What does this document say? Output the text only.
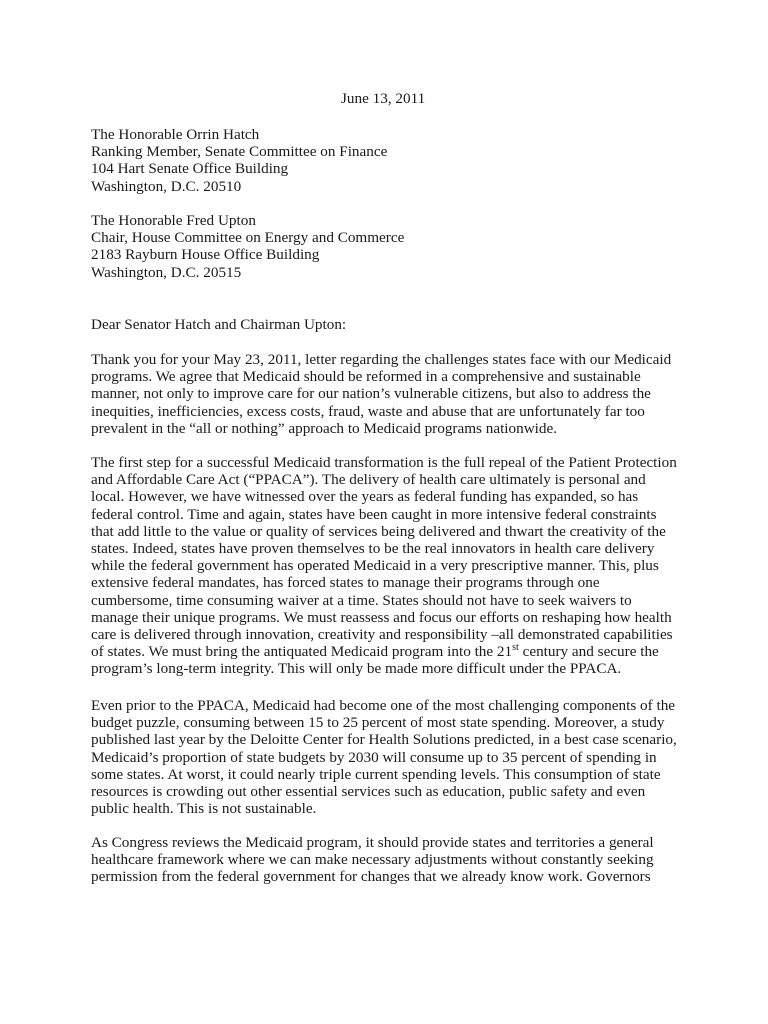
June 13, 2011
The Honorable Orrin Hatch
Ranking Member, Senate Committee on Finance
104 Hart Senate Office Building
Washington, D.C. 20510
The Honorable Fred Upton
Chair, House Committee on Energy and Commerce
2183 Rayburn House Office Building
Washington, D.C. 20515
Dear Senator Hatch and Chairman Upton:
Thank you for your May 23, 2011, letter regarding the challenges states face with our Medicaid
programs. We agree that Medicaid should be reformed in a comprehensive and sustainable
manner, not only to improve care for our nation’s vulnerable citizens, but also to address the
inequities, inefficiencies, excess costs, fraud, waste and abuse that are unfortunately far too
prevalent in the “all or nothing” approach to Medicaid programs nationwide.
The first step for a successful Medicaid transformation is the full repeal of the Patient Protection
and Affordable Care Act (“PPACA”). The delivery of health care ultimately is personal and
local. However, we have witnessed over the years as federal funding has expanded, so has
federal control. Time and again, states have been caught in more intensive federal constraints
that add little to the value or quality of services being delivered and thwart the creativity of the
states. Indeed, states have proven themselves to be the real innovators in health care delivery
while the federal government has operated Medicaid in a very prescriptive manner. This, plus
extensive federal mandates, has forced states to manage their programs through one
cumbersome, time consuming waiver at a time. States should not have to seek waivers to
manage their unique programs. We must reassess and focus our efforts on reshaping how health
care is delivered through innovation, creativity and responsibility –all demonstrated capabilities
of states. We must bring the antiquated Medicaid program into the 21st century and secure the
program’s long-term integrity. This will only be made more difficult under the PPACA.
Even prior to the PPACA, Medicaid had become one of the most challenging components of the
budget puzzle, consuming between 15 to 25 percent of most state spending. Moreover, a study
published last year by the Deloitte Center for Health Solutions predicted, in a best case scenario,
Medicaid’s proportion of state budgets by 2030 will consume up to 35 percent of spending in
some states. At worst, it could nearly triple current spending levels. This consumption of state
resources is crowding out other essential services such as education, public safety and even
public health. This is not sustainable.
As Congress reviews the Medicaid program, it should provide states and territories a general
healthcare framework where we can make necessary adjustments without constantly seeking
permission from the federal government for changes that we already know work. Governors
